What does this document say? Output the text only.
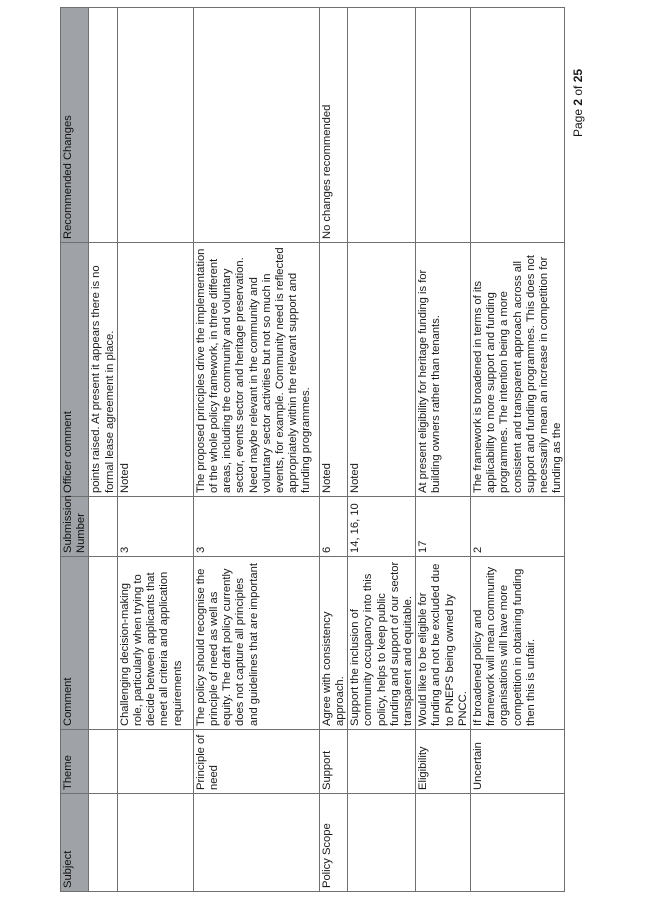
Subject	Theme	Comment	Submission Number	Officer comment	Recommended Changes
				points raised. At present it appears there is no formal lease agreement in place.	
		Challenging decision-making role, particularly when trying to decide between applicants that meet all criteria and application requirements	3	Noted	
	Principle of need	The policy should recognise the principle of need as well as equity. The draft policy currently does not capture all principles and guidelines that are important	3	The proposed principles drive the implementation of the whole policy framework, in three different areas, including the community and voluntary sector, events sector and heritage preservation. Need maybe relevant in the community and voluntary sector activities but not so much in events, for example. Community need is reflected appropriately within the relevant support and funding programmes.	
Policy Scope	Support	Agree with consistency approach.	6	Noted	No changes recommended
		Support the inclusion of community occupancy into this policy, helps to keep public funding and support of our sector transparent and equitable.	14, 16, 10	Noted	
	Eligibility	Would like to be eligible for funding and not be excluded due to PNEPS being owned by PNCC.	17	At present eligibility for heritage funding is for building owners rather than tenants.	
	Uncertain	If broadened policy and framework will mean community organisations will have more competition in obtaining funding then this is unfair.	2	The framework is broadened in terms of its applicability to more support and funding programmes. The intention being a more consistent and transparent approach across all support and funding programmes. This does not necessarily mean an increase in competition for funding as the	
Page 2 of 25
